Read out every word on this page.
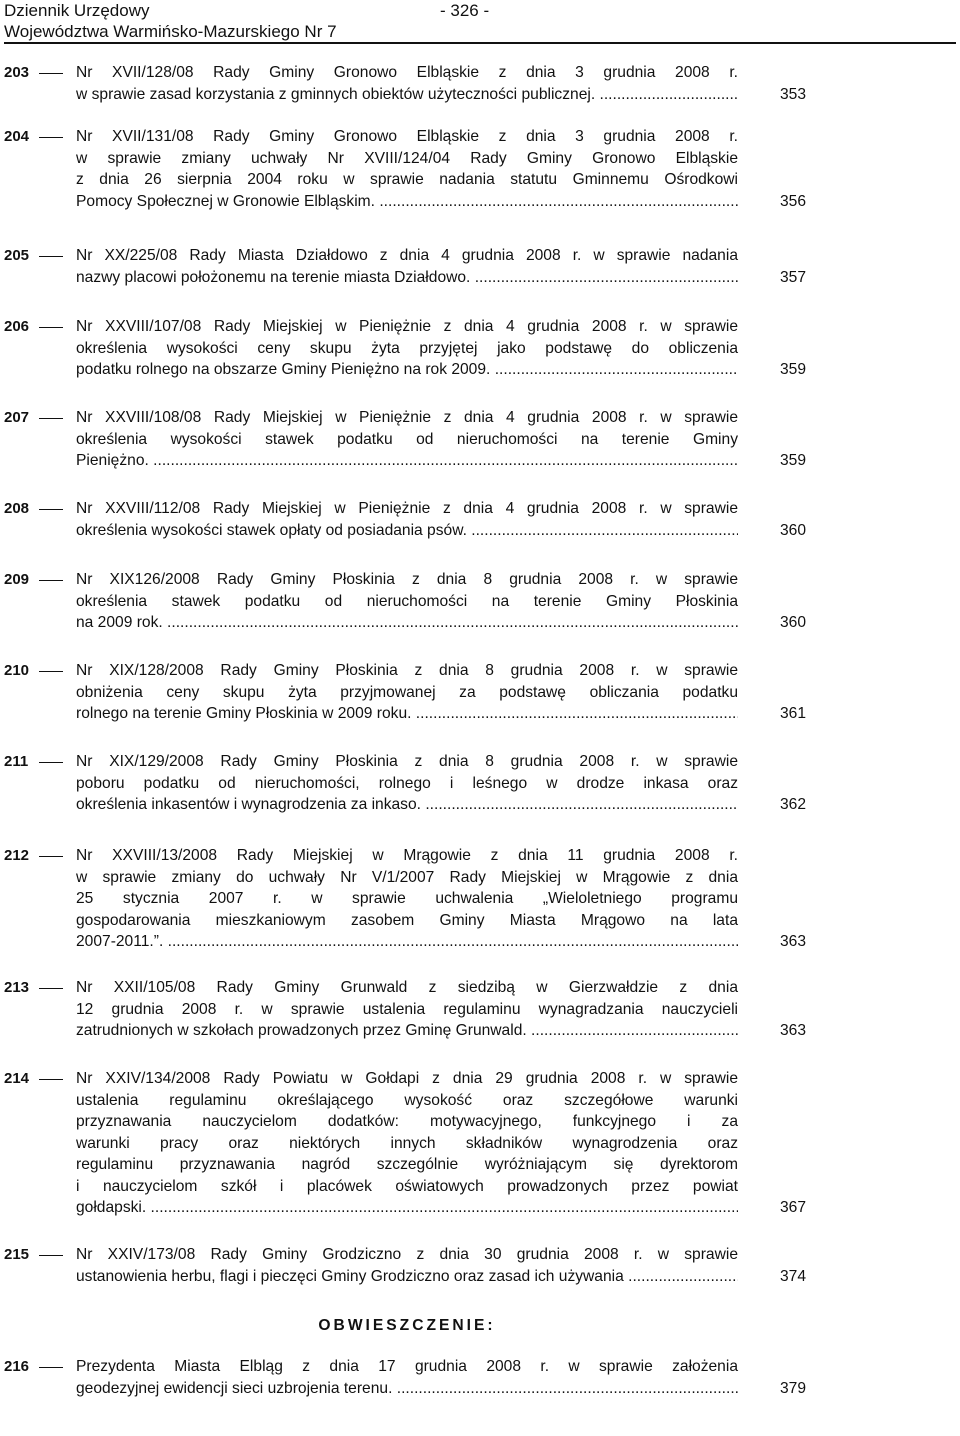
Dziennik Urzędowy
Województwa Warmińsko-Mazurskiego Nr 7
- 326 -
203	Nr XVII/128/08 Rady Gminy Gronowo Elbląskie z dnia 3 grudnia 2008 r.
w sprawie zasad korzystania z gminnych obiektów użyteczności publicznej. .....	353
204	Nr XVII/131/08 Rady Gminy Gronowo Elbląskie z dnia 3 grudnia 2008 r.
w sprawie zmiany uchwały Nr XVIII/124/04 Rady Gminy Gronowo Elbląskie
z dnia 26 sierpnia 2004 roku w sprawie nadania statutu Gminnemu Ośrodkowi
Pomocy Społecznej w Gronowie Elbląskim. .....	356
205	Nr XX/225/08 Rady Miasta Działdowo z dnia 4 grudnia 2008 r. w sprawie nadania
nazwy placowi położonemu na terenie miasta Działdowo. .....	357
206	Nr XXVIII/107/08 Rady Miejskiej w Pieniężnie z dnia 4 grudnia 2008 r. w sprawie
określenia wysokości ceny skupu żyta przyjętej jako podstawę do obliczenia
podatku rolnego na obszarze Gminy Pieniężno na rok 2009. .....	359
207	Nr XXVIII/108/08 Rady Miejskiej w Pieniężnie z dnia 4 grudnia 2008 r. w sprawie
określenia wysokości stawek podatku od nieruchomości na terenie Gminy
Pieniężno. .....	359
208	Nr XXVIII/112/08 Rady Miejskiej w Pieniężnie z dnia 4 grudnia 2008 r. w sprawie
określenia wysokości stawek opłaty od posiadania psów. .....	360
209	Nr XIX126/2008 Rady Gminy Płoskinia z dnia 8 grudnia 2008 r. w sprawie
określenia stawek podatku od nieruchomości na terenie Gminy Płoskinia
na 2009 rok. .....	360
210	Nr XIX/128/2008 Rady Gminy Płoskinia z dnia 8 grudnia 2008 r. w sprawie
obniżenia ceny skupu żyta przyjmowanej za podstawę obliczania podatku
rolnego na terenie Gminy Płoskinia w 2009 roku. .....	361
211	Nr XIX/129/2008 Rady Gminy Płoskinia z dnia 8 grudnia 2008 r. w sprawie
poboru podatku od nieruchomości, rolnego i leśnego w drodze inkasa oraz
określenia inkasentów i wynagrodzenia za inkaso. .....	362
212	Nr XXVIII/13/2008 Rady Miejskiej w Mrągowie z dnia 11 grudnia 2008 r.
w sprawie zmiany do uchwały Nr V/1/2007 Rady Miejskiej w Mrągowie z dnia
25 stycznia 2007 r. w sprawie uchwalenia „Wieloletniego programu
gospodarowania mieszkaniowym zasobem Gminy Miasta Mrągowo na lata
2007-2011.”. .....	363
213	Nr XXII/105/08 Rady Gminy Grunwald z siedzibą w Gierzwałdzie z dnia
12 grudnia 2008 r. w sprawie ustalenia regulaminu wynagradzania nauczycieli
zatrudnionych w szkołach prowadzonych przez Gminę Grunwald. .....	363
214	Nr XXIV/134/2008 Rady Powiatu w Gołdapi z dnia 29 grudnia 2008 r. w sprawie
ustalenia regulaminu określającego wysokość oraz szczegółowe warunki
przyznawania nauczycielom dodatków: motywacyjnego, funkcyjnego i za
warunki pracy oraz niektórych innych składników wynagrodzenia oraz
regulaminu przyznawania nagród szczególnie wyróżniającym się dyrektorom
i nauczycielom szkół i placówek oświatowych prowadzonych przez powiat
gołdapski. .....	367
215	Nr XXIV/173/08 Rady Gminy Grodziczno z dnia 30 grudnia 2008 r. w sprawie
ustanowienia herbu, flagi i pieczęci Gminy Grodziczno oraz zasad ich używania .....	374
216	Prezydenta Miasta Elbląg z dnia 17 grudnia 2008 r. w sprawie założenia
geodezyjnej ewidencji sieci uzbrojenia terenu. .....	379
OBWIESZCZENIE:
